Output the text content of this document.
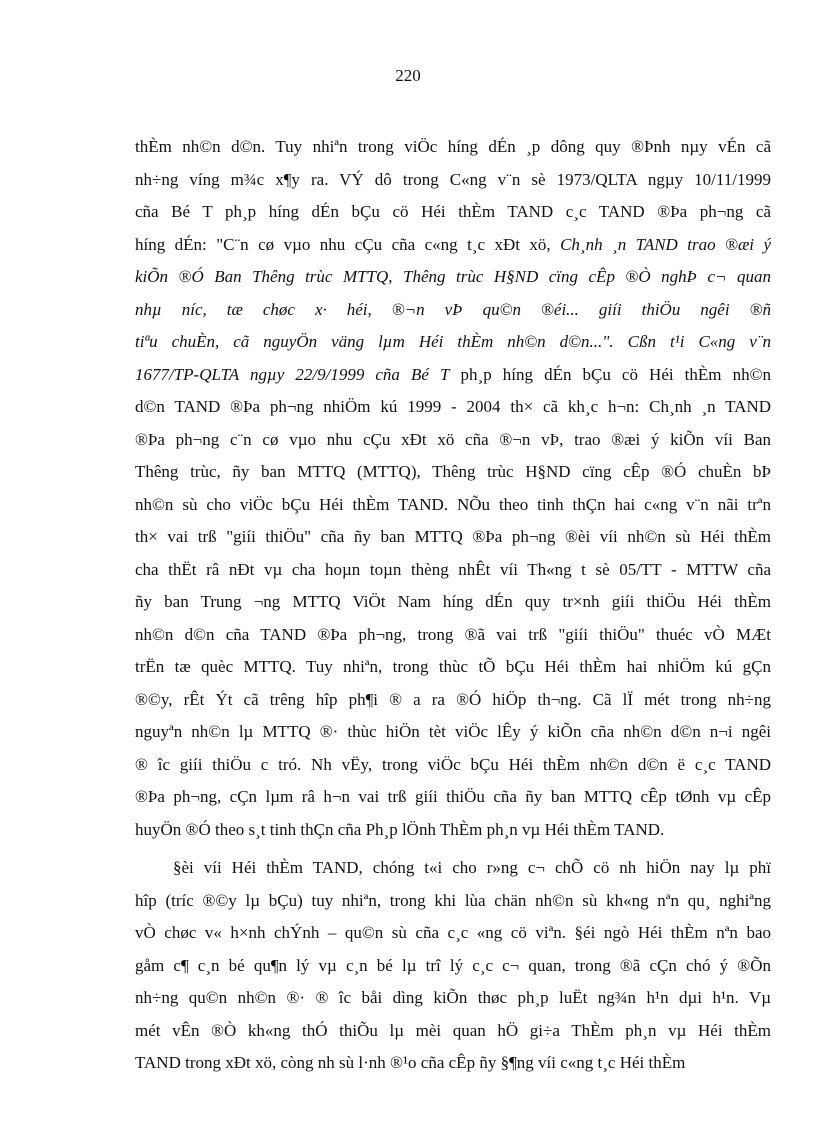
220
thÈm nh©n d©n. Tuy nhiªn trong viÖc híng dÉn ¸p dông quy ®Þnh nµy vÉn cã
nh÷ng víng m¾c x¶y ra. VÝ dô trong C«ng v¨n sè 1973/QLTA ngµy 10/11/1999
cña Bé T ph¸p híng dÉn bÇu cö Héi thÈm TAND c¸c TAND ®Þa ph¬ng cã
híng dÉn: "C¨n cø vµo nhu cÇu cña c«ng t¸c xÐt xö, Ch¸nh ¸n TAND trao ®æi ý
kiÕn ®Ó Ban Thêng trùc MTTQ, Thêng trùc H§ND cïng cÊp ®Ò nghÞ c¬ quan
nhµ níc, tæ chøc x· héi, ®¬n vÞ qu©n ®éi... giíi thiÖu ngêi ®ñ
tiªu chuÈn, cã nguyÖn väng lµm Héi thÈm nh©n d©n...". Cßn t¹i C«ng v¨n
1677/TP-QLTA ngµy 22/9/1999 cña Bé T ph¸p híng dÉn bÇu cö Héi thÈm nh©n
d©n TAND ®Þa ph¬ng nhiÖm kú 1999 - 2004 th× cã kh¸c h¬n: Ch¸nh ¸n TAND
®Þa ph¬ng c¨n cø vµo nhu cÇu xÐt xö cña ®¬n vÞ, trao ®æi ý kiÕn víi Ban
Thêng trùc, ñy ban MTTQ (MTTQ), Thêng trùc H§ND cïng cÊp ®Ó chuÈn bÞ
nh©n sù cho viÖc bÇu Héi thÈm TAND. NÕu theo tinh thÇn hai c«ng v¨n nãi trªn
th× vai trß "giíi thiÖu" cña ñy ban MTTQ ®Þa ph¬ng ®èi víi nh©n sù Héi thÈm
cha thËt râ nÐt vµ cha hoµn toµn thèng nhÊt víi Th«ng t sè 05/TT - MTTW cña
ñy ban Trung ¬ng MTTQ ViÖt Nam híng dÉn quy tr×nh giíi thiÖu Héi thÈm
nh©n d©n cña TAND ®Þa ph¬ng, trong ®ã vai trß "giíi thiÖu" thuéc vÒ MÆt
trËn tæ quèc MTTQ. Tuy nhiªn, trong thùc tÕ bÇu Héi thÈm hai nhiÖm kú gÇn
®©y, rÊt Ýt cã trêng hîp ph¶i ® a ra ®Ó hiÖp th¬ng. Cã lÏ mét trong nh÷ng
nguyªn nh©n lµ MTTQ ®· thùc hiÖn tèt viÖc lÊy ý kiÕn cña nh©n d©n n¬i ngêi
® îc giíi thiÖu c tró. Nh vËy, trong viÖc bÇu Héi thÈm nh©n d©n ë c¸c TAND
®Þa ph¬ng, cÇn lµm râ h¬n vai trß giíi thiÖu cña ñy ban MTTQ cÊp tØnh vµ cÊp
huyÖn ®Ó theo s¸t tinh thÇn cña Ph¸p lÖnh ThÈm ph¸n vµ Héi thÈm TAND.
§èi víi Héi thÈm TAND, chóng t«i cho r»ng c¬ chÕ cö nh hiÖn nay lµ phï
hîp (tríc ®©y lµ bÇu) tuy nhiªn, trong khi lùa chän nh©n sù kh«ng nªn qu¸ nghiªng
vÒ chøc v« h×nh chÝnh – qu©n sù cña c¸c «ng cö viªn. §éi ngò Héi thÈm nªn bao
gåm c¶ c¸n bé qu¶n lý vµ c¸n bé lµ trî lý c¸c c¬ quan, trong ®ã cÇn chó ý ®Õn
nh÷ng qu©n nh©n ®· ® îc båi dìng kiÕn thøc ph¸p luËt ng¾n h¹n dµi h¹n. Vµ
mét vÊn ®Ò kh«ng thÓ thiÕu lµ mèi quan hÖ gi÷a ThÈm ph¸n vµ Héi thÈm
TAND trong xÐt xö, còng nh sù l·nh ®¹o cña cÊp ñy §¶ng víi c«ng t¸c Héi thÈm
